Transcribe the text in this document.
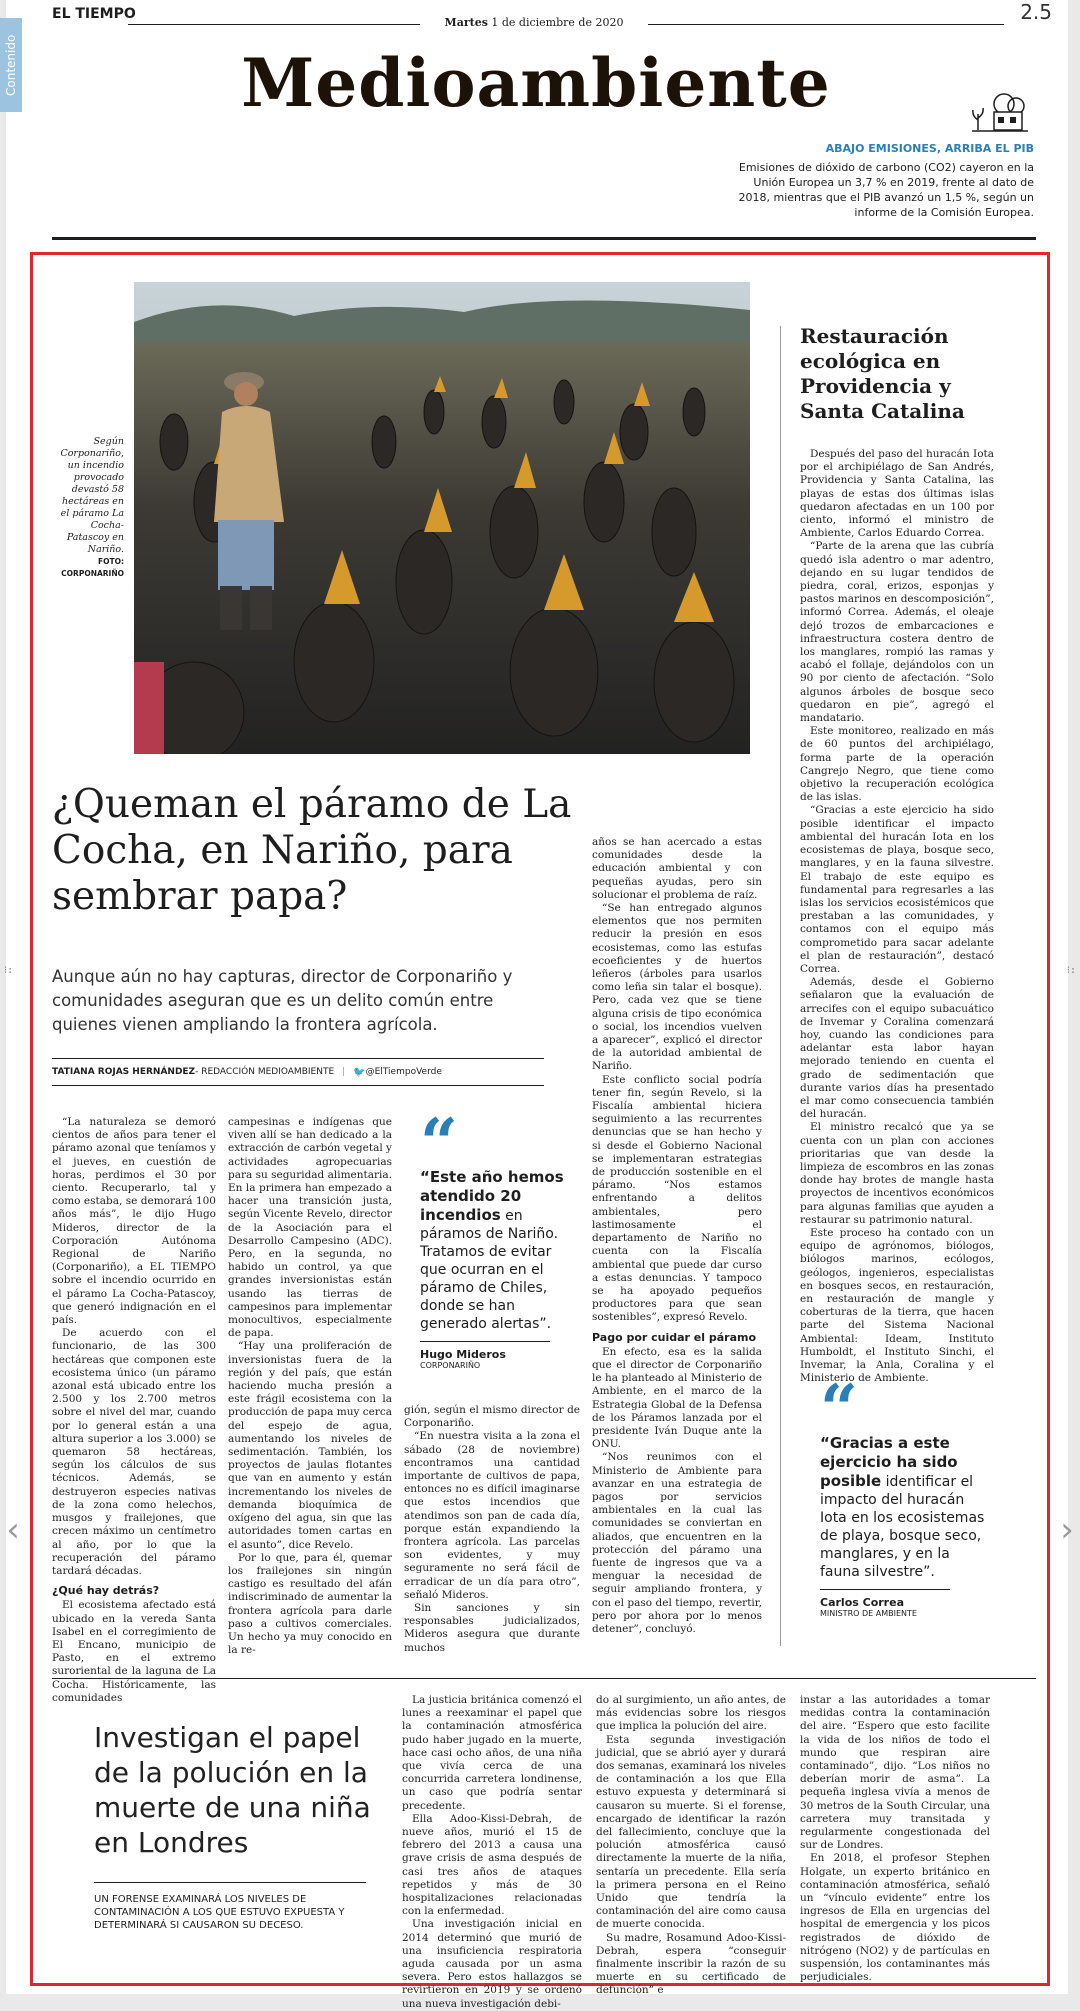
Contenido
‹	›
⁝:	⁝:
EL TIEMPO
Martes 1 de diciembre de 2020	2.5
Medioambiente
ABAJO EMISIONES, ARRIBA EL PIB
Emisiones de dióxido de carbono (CO2) cayeron en la Unión Europea un 3,7 % en 2019, frente al dato de 2018, mientras que el PIB avanzó un 1,5 %, según un informe de la Comisión Europea.
Según Corponariño, un incendio provocado devastó 58 hectáreas en el páramo La Cocha-Patascoy en Nariño.
FOTO:
CORPONARIÑO
¿Queman el páramo de La Cocha, en Nariño, para sembrar papa?
Aunque aún no hay capturas, director de Corponariño y comunidades aseguran que es un delito común entre quienes vienen ampliando la frontera agrícola.
TATIANA ROJAS HERNÁNDEZ - REDACCIÓN MEDIOAMBIENTE | 🐦 @ElTiempoVerde

“La naturaleza se demoró cientos de años para tener el páramo azonal que teníamos y el jueves, en cuestión de horas, perdimos el 30 por ciento. Recuperarlo, tal y como estaba, se demorará 100 años más”, le dijo Hugo Mideros, director de la Corporación Autónoma Regional de Nariño (Corponariño), a EL TIEMPO sobre el incendio ocurrido en el páramo La Cocha-Patascoy, que generó indignación en el país.

De acuerdo con el funcionario, de las 300 hectáreas que componen este ecosistema único (un páramo azonal está ubicado entre los 2.500 y los 2.700 metros sobre el nivel del mar, cuando por lo general están a una altura superior a los 3.000) se quemaron 58 hectáreas, según los cálculos de sus técnicos. Además, se destruyeron especies nativas de la zona como helechos, musgos y frailejones, que crecen máximo un centímetro al año, por lo que la recuperación del páramo tardará décadas.

¿Qué hay detrás?

El ecosistema afectado está ubicado en la vereda Santa Isabel en el corregimiento de El Encano, municipio de Pasto, en el extremo suroriental de la laguna de La Cocha. Históricamente, las comunidades

campesinas e indígenas que viven allí se han dedicado a la extracción de carbón vegetal y actividades agropecuarias para su seguridad alimentaria. En la primera han empezado a hacer una transición justa, según Vicente Revelo, director de la Asociación para el Desarrollo Campesino (ADC). Pero, en la segunda, no habido un control, ya que grandes inversionistas están usando las tierras de campesinos para implementar monocultivos, especialmente de papa.

“Hay una proliferación de inversionistas fuera de la región y del país, que están haciendo mucha presión a este frágil ecosistema con la producción de papa muy cerca del espejo de agua, aumentando los niveles de sedimentación. También, los proyectos de jaulas flotantes que van en aumento y están incrementando los niveles de demanda bioquímica de oxígeno del agua, sin que las autoridades tomen cartas en el asunto”, dice Revelo.

Por lo que, para él, quemar los frailejones sin ningún castigo es resultado del afán indiscriminado de aumentar la frontera agrícola para darle paso a cultivos comerciales. Un hecho ya muy conocido en la re-

“
“Este año hemos atendido 20 incendios en páramos de Nariño. Tratamos de evitar que ocurran en el páramo de Chiles, donde se han generado alertas”.
Hugo Mideros
CORPONARIÑO

gión, según el mismo director de Corponariño.

“En nuestra visita a la zona el sábado (28 de noviembre) encontramos una cantidad importante de cultivos de papa, entonces no es difícil imaginarse que estos incendios que atendimos son pan de cada día, porque están expandiendo la frontera agrícola. Las parcelas son evidentes, y muy seguramente no será fácil de erradicar de un día para otro”, señaló Mideros.

Sin sanciones y sin responsables judicializados, Mideros asegura que durante muchos

años se han acercado a estas comunidades desde la educación ambiental y con pequeñas ayudas, pero sin solucionar el problema de raíz.

“Se han entregado algunos elementos que nos permiten reducir la presión en esos ecosistemas, como las estufas ecoeficientes y de huertos leñeros (árboles para usarlos como leña sin talar el bosque). Pero, cada vez que se tiene alguna crisis de tipo económica o social, los incendios vuelven a aparecer”, explicó el director de la autoridad ambiental de Nariño.

Este conflicto social podría tener fin, según Revelo, si la Fiscalía ambiental hiciera seguimiento a las recurrentes denuncias que se han hecho y si desde el Gobierno Nacional se implementaran estrategias de producción sostenible en el páramo. “Nos estamos enfrentando a delitos ambientales, pero lastimosamente el departamento de Nariño no cuenta con la Fiscalía ambiental que puede dar curso a estas denuncias. Y tampoco se ha apoyado pequeños productores para que sean sostenibles”, expresó Revelo.

Pago por cuidar el páramo

En efecto, esa es la salida que el director de Corponariño le ha planteado al Ministerio de Ambiente, en el marco de la Estrategia Global de la Defensa de los Páramos lanzada por el presidente Iván Duque ante la ONU.

“Nos reunimos con el Ministerio de Ambiente para avanzar en una estrategia de pagos por servicios ambientales en la cual las comunidades se conviertan en aliados, que encuentren en la protección del páramo una fuente de ingresos que va a menguar la necesidad de seguir ampliando frontera, y con el paso del tiempo, revertir, pero por ahora por lo menos detener”, concluyó.

Restauración ecológica en Providencia y Santa Catalina

Después del paso del huracán Iota por el archipiélago de San Andrés, Providencia y Santa Catalina, las playas de estas dos últimas islas quedaron afectadas en un 100 por ciento, informó el ministro de Ambiente, Carlos Eduardo Correa.

“Parte de la arena que las cubría quedó isla adentro o mar adentro, dejando en su lugar tendidos de piedra, coral, erizos, esponjas y pastos marinos en descomposición”, informó Correa. Además, el oleaje dejó trozos de embarcaciones e infraestructura costera dentro de los manglares, rompió las ramas y acabó el follaje, dejándolos con un 90 por ciento de afectación. “Solo algunos árboles de bosque seco quedaron en pie”, agregó el mandatario.

Este monitoreo, realizado en más de 60 puntos del archipiélago, forma parte de la operación Cangrejo Negro, que tiene como objetivo la recuperación ecológica de las islas.

“Gracias a este ejercicio ha sido posible identificar el impacto ambiental del huracán Iota en los ecosistemas de playa, bosque seco, manglares, y en la fauna silvestre. El trabajo de este equipo es fundamental para regresarles a las islas los servicios ecosistémicos que prestaban a las comunidades, y contamos con el equipo más comprometido para sacar adelante el plan de restauración”, destacó Correa.

Además, desde el Gobierno señalaron que la evaluación de arrecifes con el equipo subacuático de Invemar y Coralina comenzará hoy, cuando las condiciones para adelantar esta labor hayan mejorado teniendo en cuenta el grado de sedimentación que durante varios días ha presentado el mar como consecuencia también del huracán.

El ministro recalcó que ya se cuenta con un plan con acciones prioritarias que van desde la limpieza de escombros en las zonas donde hay brotes de mangle hasta proyectos de incentivos económicos para algunas familias que ayuden a restaurar su patrimonio natural.

Este proceso ha contado con un equipo de agrónomos, biólogos, biólogos marinos, ecólogos, geólogos, ingenieros, especialistas en bosques secos, en restauración, en restauración de mangle y coberturas de la tierra, que hacen parte del Sistema Nacional Ambiental: Ideam, Instituto Humboldt, el Instituto Sinchi, el Invemar, la Anla, Coralina y el Ministerio de Ambiente.

“
“Gracias a este ejercicio ha sido posible identificar el impacto del huracán Iota en los ecosistemas de playa, bosque seco, manglares, y en la fauna silvestre”.
Carlos Correa
MINISTRO DE AMBIENTE
Investigan el papel de la polución en la muerte de una niña en Londres
UN FORENSE EXAMINARÁ LOS NIVELES DE CONTAMINACIÓN A LOS QUE ESTUVO EXPUESTA Y DETERMINARÁ SI CAUSARON SU DECESO.

La justicia británica comenzó el lunes a reexaminar el papel que la contaminación atmosférica pudo haber jugado en la muerte, hace casi ocho años, de una niña que vivía cerca de una concurrida carretera londinense, un caso que podría sentar precedente.

Ella Adoo-Kissi-Debrah, de nueve años, murió el 15 de febrero del 2013 a causa una grave crisis de asma después de casi tres años de ataques repetidos y más de 30 hospitalizaciones relacionadas con la enfermedad.

Una investigación inicial en 2014 determinó que murió de una insuficiencia respiratoria aguda causada por un asma severa. Pero estos hallazgos se revirtieron en 2019 y se ordenó una nueva investigación debi-

do al surgimiento, un año antes, de más evidencias sobre los riesgos que implica la polución del aire.

Esta segunda investigación judicial, que se abrió ayer y durará dos semanas, examinará los niveles de contaminación a los que Ella estuvo expuesta y determinará si causaron su muerte. Si el forense, encargado de identificar la razón del fallecimiento, concluye que la polución atmosférica causó directamente la muerte de la niña, sentaría un precedente. Ella sería la primera persona en el Reino Unido que tendría la contaminación del aire como causa de muerte conocida.

Su madre, Rosamund Adoo-Kissi-Debrah, espera “conseguir finalmente inscribir la razón de su muerte en su certificado de defunción” e

instar a las autoridades a tomar medidas contra la contaminación del aire. “Espero que esto facilite la vida de los niños de todo el mundo que respiran aire contaminado”, dijo. “Los niños no deberían morir de asma”. La pequeña inglesa vivía a menos de 30 metros de la South Circular, una carretera muy transitada y regularmente congestionada del sur de Londres.

En 2018, el profesor Stephen Holgate, un experto británico en contaminación atmosférica, señaló un “vínculo evidente” entre los ingresos de Ella en urgencias del hospital de emergencia y los picos registrados de dióxido de nitrógeno (NO2) y de partículas en suspensión, los contaminantes más perjudiciales.
